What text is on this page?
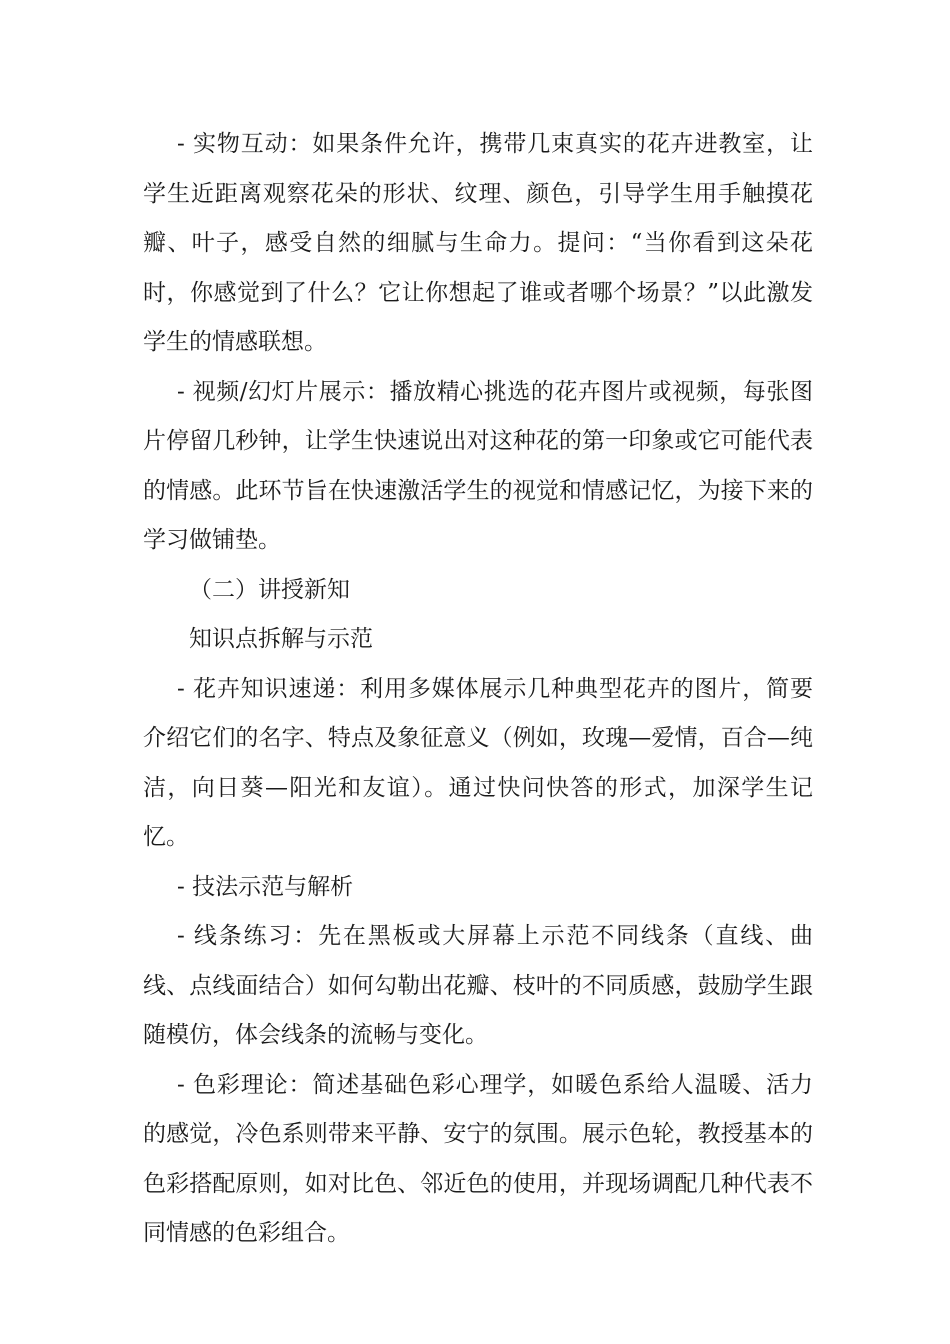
- 实物互动：如果条件允许，携带几束真实的花卉进教室，让学生近距离观察花朵的形状、纹理、颜色，引导学生用手触摸花瓣、叶子，感受自然的细腻与生命力。提问：“当你看到这朵花时，你感觉到了什么？它让你想起了谁或者哪个场景？”以此激发学生的情感联想。

- 视频/幻灯片展示：播放精心挑选的花卉图片或视频，每张图片停留几秒钟，让学生快速说出对这种花的第一印象或它可能代表的情感。此环节旨在快速激活学生的视觉和情感记忆，为接下来的学习做铺垫。

（二）讲授新知

知识点拆解与示范

- 花卉知识速递：利用多媒体展示几种典型花卉的图片，简要介绍它们的名字、特点及象征意义（例如，玫瑰—爱情，百合—纯洁，向日葵—阳光和友谊）。通过快问快答的形式，加深学生记忆。

- 技法示范与解析

- 线条练习：先在黑板或大屏幕上示范不同线条（直线、曲线、点线面结合）如何勾勒出花瓣、枝叶的不同质感，鼓励学生跟随模仿，体会线条的流畅与变化。

- 色彩理论：简述基础色彩心理学，如暖色系给人温暖、活力的感觉，冷色系则带来平静、安宁的氛围。展示色轮，教授基本的色彩搭配原则，如对比色、邻近色的使用，并现场调配几种代表不同情感的色彩组合。
